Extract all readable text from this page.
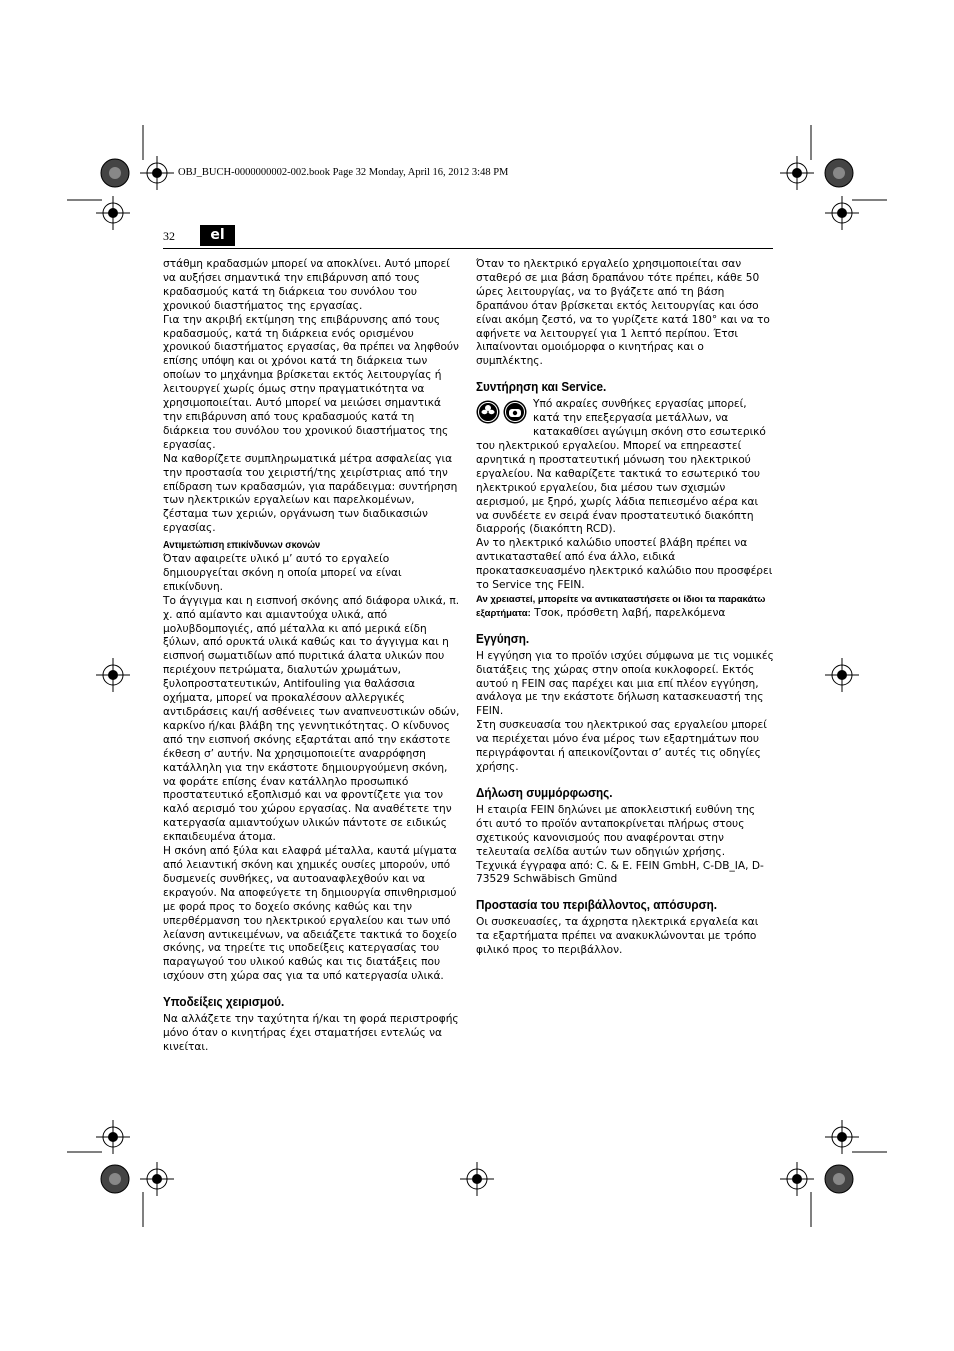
OBJ_BUCH-0000000002-002.book Page 32 Monday, April 16, 2012 3:48 PM
32	el

στάθμη κραδασμών μπορεί να αποκλίνει. Αυτό μπορεί να αυξήσει σημαντικά την επιβάρυνση από τους κραδασμούς κατά τη διάρκεια του συνόλου του χρονικού διαστήματος της εργασίας.

Για την ακριβή εκτίμηση της επιβάρυνσης από τους κραδασμούς, κατά τη διάρκεια ενός ορισμένου χρονικού διαστήματος εργασίας, θα πρέπει να ληφθούν επίσης υπόψη και οι χρόνοι κατά τη διάρκεια των οποίων το μηχάνημα βρίσκεται εκτός λειτουργίας ή λειτουργεί χωρίς όμως στην πραγματικότητα να χρησιμοποιείται. Αυτό μπορεί να μειώσει σημαντικά την επιβάρυνση από τους κραδασμούς κατά τη διάρκεια του συνόλου του χρονικού διαστήματος της εργασίας.

Να καθορίζετε συμπληρωματικά μέτρα ασφαλείας για την προστασία του χειριστή/της χειρίστριας από την επίδραση των κραδασμών, για παράδειγμα: συντήρηση των ηλεκτρικών εργαλείων και παρελκομένων, ζέσταμα των χεριών, οργάνωση των διαδικασιών εργασίας.

Αντιμετώπιση επικίνδυνων σκονών

Όταν αφαιρείτε υλικό μ’ αυτό το εργαλείο δημιουργείται σκόνη η οποία μπορεί να είναι επικίνδυνη.

Το άγγιγμα και η εισπνοή σκόνης από διάφορα υλικά, π. χ. από αμίαντο και αμιαντούχα υλικά, από μολυβδομπογιές, από μέταλλα κι από μερικά είδη ξύλων, από ορυκτά υλικά καθώς και το άγγιγμα και η εισπνοή σωματιδίων από πυριτικά άλατα υλικών που περιέχουν πετρώματα, διαλυτών χρωμάτων, ξυλοπροστατευτικών, Antifouling για θαλάσσια οχήματα, μπορεί να προκαλέσουν αλλεργικές αντιδράσεις και/ή ασθένειες των αναπνευστικών οδών, καρκίνο ή/και βλάβη της γεννητικότητας. Ο κίνδυνος από την εισπνοή σκόνης εξαρτάται από την εκάστοτε έκθεση σ’ αυτήν. Να χρησιμοποιείτε αναρρόφηση κατάλληλη για την εκάστοτε δημιουργούμενη σκόνη, να φοράτε επίσης έναν κατάλληλο προσωπικό προστατευτικό εξοπλισμό και να φροντίζετε για τον καλό αερισμό του χώρου εργασίας. Να αναθέτετε την κατεργασία αμιαντούχων υλικών πάντοτε σε ειδικώς εκπαιδευμένα άτομα.

Η σκόνη από ξύλα και ελαφρά μέταλλα, καυτά μίγματα από λειαντική σκόνη και χημικές ουσίες μπορούν, υπό δυσμενείς συνθήκες, να αυτοαναφλεχθούν και να εκραγούν. Να αποφεύγετε τη δημιουργία σπινθηρισμού με φορά προς το δοχείο σκόνης καθώς και την υπερθέρμανση του ηλεκτρικού εργαλείου και των υπό λείανση αντικειμένων, να αδειάζετε τακτικά το δοχείο σκόνης, να τηρείτε τις υποδείξεις κατεργασίας του παραγωγού του υλικού καθώς και τις διατάξεις που ισχύουν στη χώρα σας για τα υπό κατεργασία υλικά.

Υποδείξεις χειρισμού.

Να αλλάζετε την ταχύτητα ή/και τη φορά περιστροφής μόνο όταν ο κινητήρας έχει σταματήσει εντελώς να κινείται.

Όταν το ηλεκτρικό εργαλείο χρησιμοποιείται σαν σταθερό σε μια βάση δραπάνου τότε πρέπει, κάθε 50 ώρες λειτουργίας, να το βγάζετε από τη βάση δραπάνου όταν βρίσκεται εκτός λειτουργίας και όσο είναι ακόμη ζεστό, να το γυρίζετε κατά 180° και να το αφήνετε να λειτουργεί για 1 λεπτό περίπου. Έτσι λιπαίνονται ομοιόμορφα ο κινητήρας και ο συμπλέκτης.

Συντήρηση και Service.

Υπό ακραίες συνθήκες εργασίας μπορεί, κατά την επεξεργασία μετάλλων, να κατακαθίσει αγώγιμη σκόνη στο εσωτερικό του ηλεκτρικού εργαλείου. Μπορεί να επηρεαστεί αρνητικά η προστατευτική μόνωση του ηλεκτρικού εργαλείου. Να καθαρίζετε τακτικά το εσωτερικό του ηλεκτρικού εργαλείου, δια μέσου των σχισμών αερισμού, με ξηρό, χωρίς λάδια πεπιεσμένο αέρα και να συνδέετε εν σειρά έναν προστατευτικό διακόπτη διαρροής (διακόπτη RCD).

Αν το ηλεκτρικό καλώδιο υποστεί βλάβη πρέπει να αντικατασταθεί από ένα άλλο, ειδικά προκατασκευασμένο ηλεκτρικό καλώδιο που προσφέρει το Service της FEIN.

Αν χρειαστεί, μπορείτε να αντικαταστήσετε οι ίδιοι τα παρακάτω εξαρτήματα: Τσοκ, πρόσθετη λαβή, παρελκόμενα

Εγγύηση.

Η εγγύηση για το προϊόν ισχύει σύμφωνα με τις νομικές διατάξεις της χώρας στην οποία κυκλοφορεί. Εκτός αυτού η FEIN σας παρέχει και μια επί πλέον εγγύηση, ανάλογα με την εκάστοτε δήλωση κατασκευαστή της FEIN.

Στη συσκευασία του ηλεκτρικού σας εργαλείου μπορεί να περιέχεται μόνο ένα μέρος των εξαρτημάτων που περιγράφονται ή απεικονίζονται σ’ αυτές τις οδηγίες χρήσης.

Δήλωση συμμόρφωσης.

Η εταιρία FEIN δηλώνει με αποκλειστική ευθύνη της ότι αυτό το προϊόν ανταποκρίνεται πλήρως στους σχετικούς κανονισμούς που αναφέρονται στην τελευταία σελίδα αυτών των οδηγιών χρήσης.

Τεχνικά έγγραφα από: C. & E. FEIN GmbH, C-DB_IA, D-73529 Schwäbisch Gmünd

Προστασία του περιβάλλοντος, απόσυρση.

Οι συσκευασίες, τα άχρηστα ηλεκτρικά εργαλεία και τα εξαρτήματα πρέπει να ανακυκλώνονται με τρόπο φιλικό προς το περιβάλλον.
